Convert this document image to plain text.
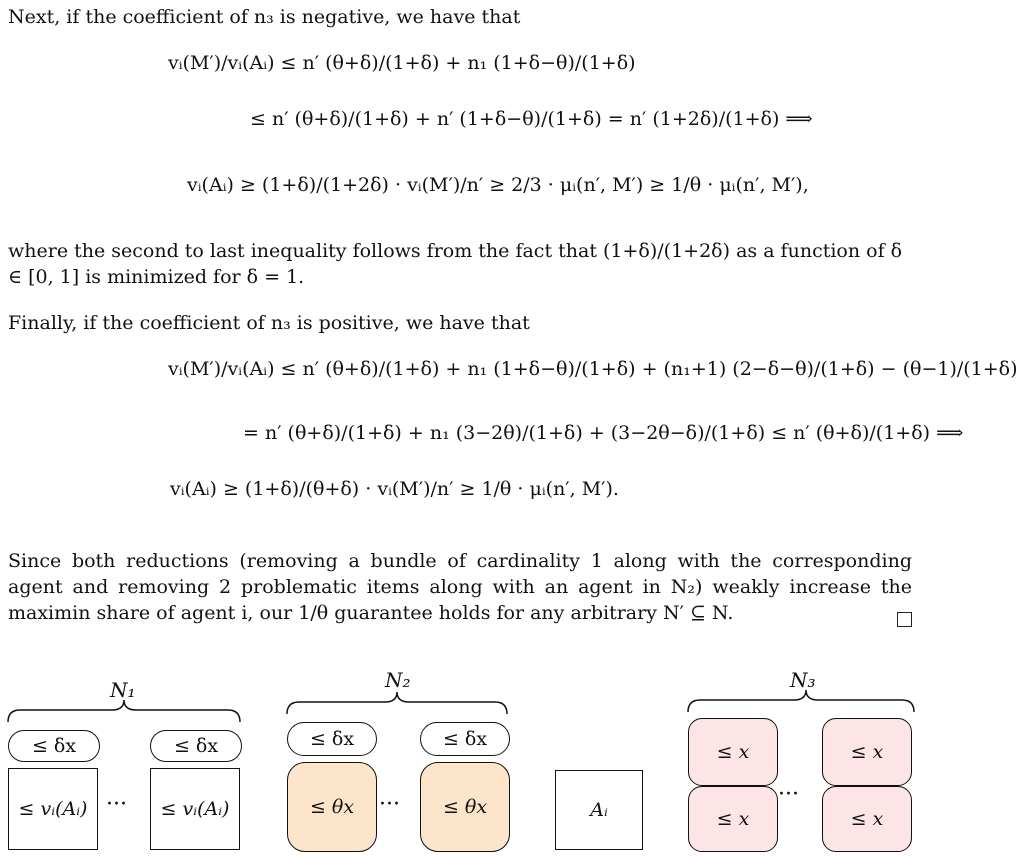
Next, if the coefficient of n₃ is negative, we have that
vᵢ(M′)/vᵢ(Aᵢ) ≤ n′ (θ+δ)/(1+δ) + n₁ (1+δ−θ)/(1+δ)
≤ n′ (θ+δ)/(1+δ) + n′ (1+δ−θ)/(1+δ) = n′ (1+2δ)/(1+δ) ⟹
vᵢ(Aᵢ) ≥ (1+δ)/(1+2δ) · vᵢ(M′)/n′ ≥ 2/3 · μᵢ(n′, M′) ≥ 1/θ · μᵢ(n′, M′),
where the second to last inequality follows from the fact that (1+δ)/(1+2δ) as a function of δ ∈ [0, 1] is minimized for δ = 1.
Finally, if the coefficient of n₃ is positive, we have that
vᵢ(M′)/vᵢ(Aᵢ) ≤ n′ (θ+δ)/(1+δ) + n₁ (1+δ−θ)/(1+δ) + (n₁+1) (2−δ−θ)/(1+δ) − (θ−1)/(1+δ)
= n′ (θ+δ)/(1+δ) + n₁ (3−2θ)/(1+δ) + (3−2θ−δ)/(1+δ) ≤ n′ (θ+δ)/(1+δ) ⟹
vᵢ(Aᵢ) ≥ (1+δ)/(θ+δ) · vᵢ(M′)/n′ ≥ 1/θ · μᵢ(n′, M′).
Since both reductions (removing a bundle of cardinality 1 along with the corresponding agent and removing 2 problematic items along with an agent in N₂) weakly increase the maximin share of agent i, our 1/θ guarantee holds for any arbitrary N′ ⊆ N.
N₁	N₂	N₃
≤ δx	≤ δx
≤ vᵢ(Aᵢ) ···	≤ vᵢ(Aᵢ)
≤ δx	≤ δx
≤ θx	···	≤ θx	Aᵢ
≤ x	≤ x
≤ x
···
≤ x
